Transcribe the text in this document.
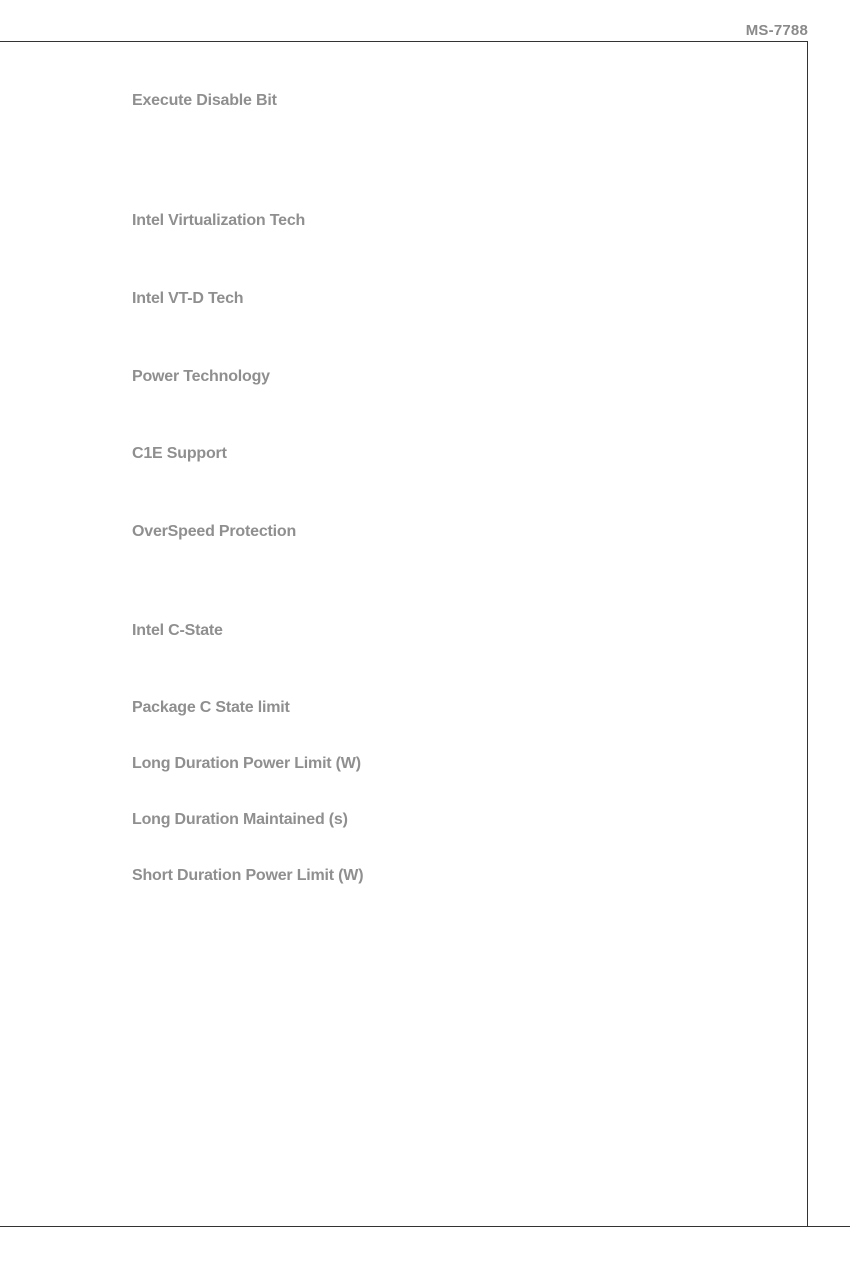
MS-7788
Execute Disable Bit
Intel Virtualization Tech
Intel VT-D Tech
Power Technology
C1E Support
OverSpeed Protection
Intel C-State
Package C State limit
Long Duration Power Limit (W)
Long Duration Maintained (s)
Short Duration Power Limit (W)
